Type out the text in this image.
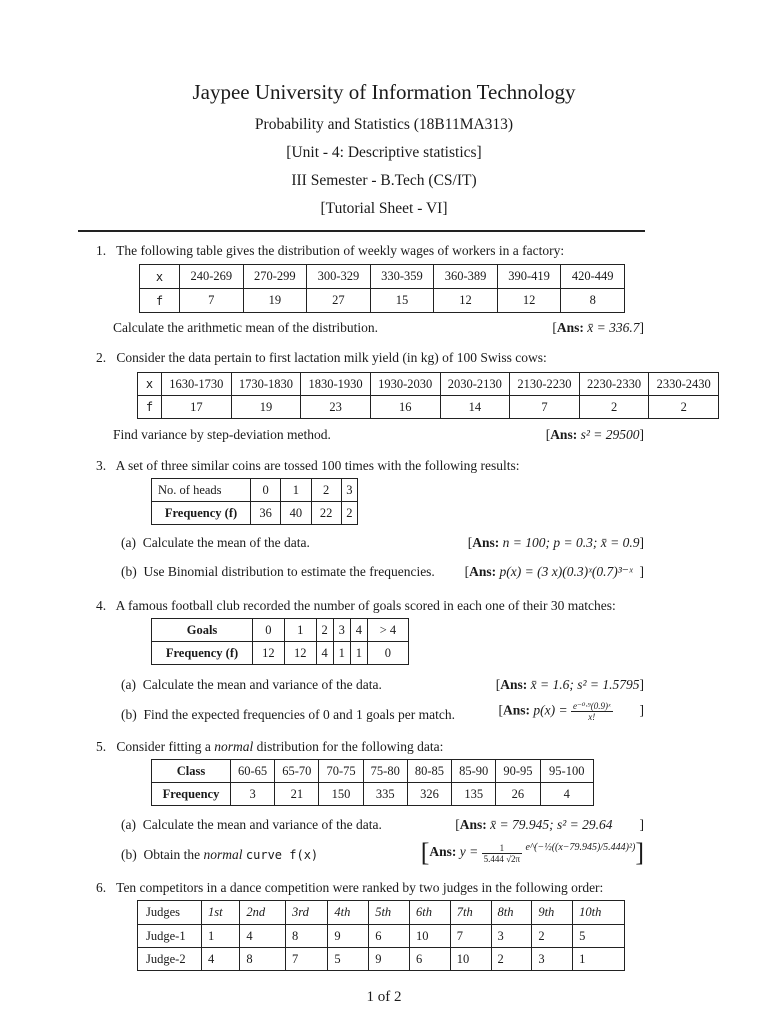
Jaypee University of Information Technology
Probability and Statistics (18B11MA313)
[Unit - 4: Descriptive statistics]
III Semester - B.Tech (CS/IT)
[Tutorial Sheet - VI]
1. The following table gives the distribution of weekly wages of workers in a factory:
x	240-269	270-299	300-329	330-359	360-389	390-419	420-449
f	7	19	27	15	12	12	8
Calculate the arithmetic mean of the distribution.	[Ans: x̄ = 336.7]
2. Consider the data pertain to first lactation milk yield (in kg) of 100 Swiss cows:
x	1630-1730	1730-1830	1830-1930	1930-2030	2030-2130	2130-2230	2230-2330	2330-2430
f	17	19	23	16	14	7	2	2
Find variance by step-deviation method.	[Ans: s² = 29500]
3. A set of three similar coins are tossed 100 times with the following results:
No. of heads	0	1	2	3
Frequency (f)	36	40	22	2
(a) Calculate the mean of the data.	[Ans: n = 100; p = 0.3; x̄ = 0.9]
(b) Use Binomial distribution to estimate the frequencies. [Ans: p(x) = (3 x)(0.3)ˣ(0.7)³⁻ˣ  ]
4. A famous football club recorded the number of goals scored in each one of their 30 matches:
Goals	0	1	2	3	4	> 4
Frequency (f)	12	12	4	1	1	0
(a) Calculate the mean and variance of the data.	[Ans: x̄ = 1.6; s² = 1.5795]
(b) Find the expected frequencies of 0 and 1 goals per match.	[Ans: $p(x) = \frac{\text{e⁻⁰·⁹(0.9)ˣ}}{x!}$ ]
5. Consider fitting a normal distribution for the following data:
Class	60-65	65-70	70-75	75-80	80-85	85-90	90-95	95-100
Frequency	3	21	150	335	326	135	26	4
(a) Calculate the mean and variance of the data.	[Ans: x̄ = 79.945; s² = 29.64        ]
(b) Obtain the normal curve f(x)	[Ans: $y = \frac{1}{5.444 √2\pi} ^{e\^{}(-\frac{1}{2}((x-79.945)/5.444)^2)}$]
6. Ten competitors in a dance competition were ranked by two judges in the following order:
Judges	1st	2nd	3rd	4th	5th	6th	7th	8th	9th	10th
Judge-1	1	4	8	9	6	10	7	3	2	5
Judge-2	4	8	7	5	9	6	10	2	3	1
1 of 2
